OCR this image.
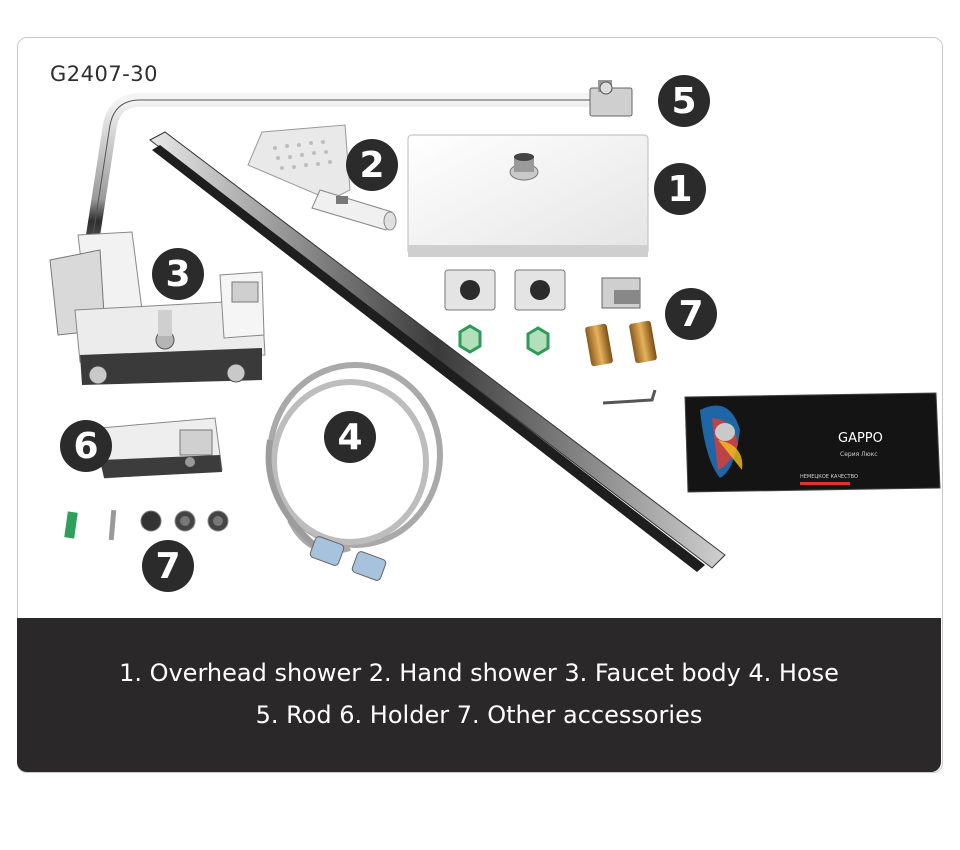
G2407-30
GAPPO
Серия Люкс
НЕМЕЦКОЕ КАЧЕСТВО
1
2
3
4
5
6
7
7
1. Overhead shower 2. Hand shower 3. Faucet body 4. Hose
5. Rod 6. Holder 7. Other accessories
